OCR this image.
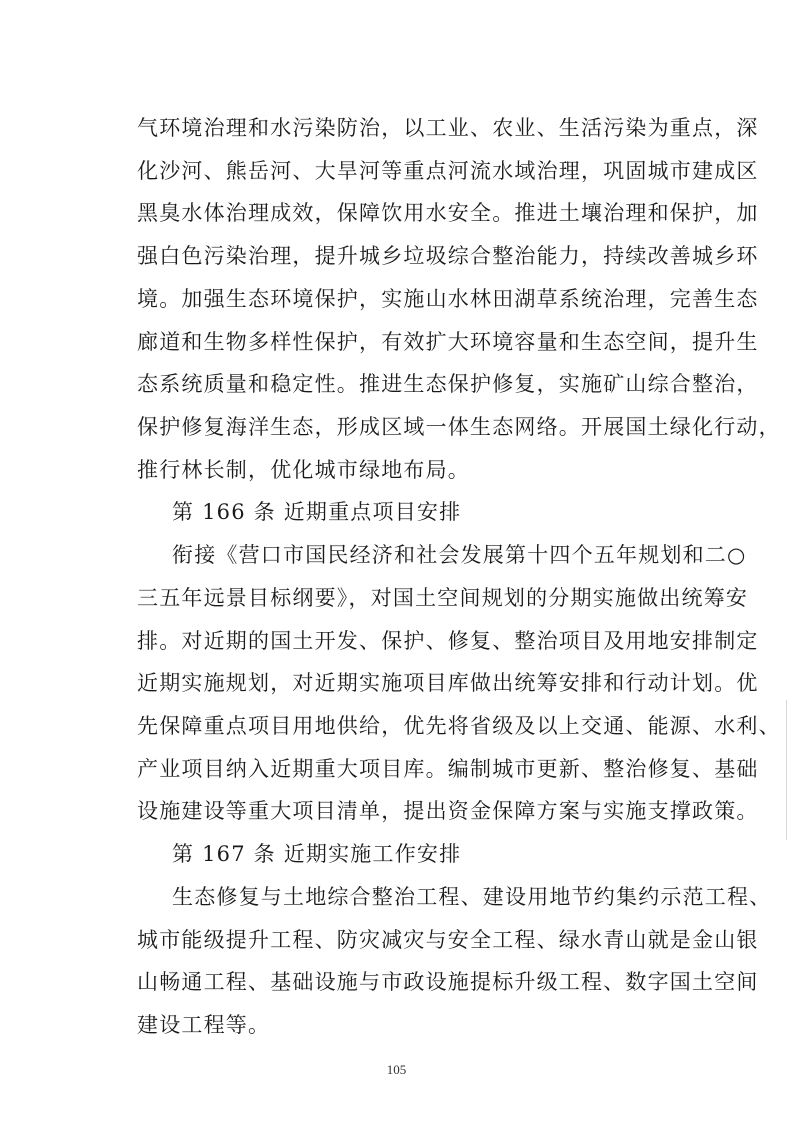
气环境治理和水污染防治，以工业、农业、生活污染为重点，深
化沙河、熊岳河、大旱河等重点河流水域治理，巩固城市建成区
黑臭水体治理成效，保障饮用水安全。推进土壤治理和保护，加
强白色污染治理，提升城乡垃圾综合整治能力，持续改善城乡环
境。加强生态环境保护，实施山水林田湖草系统治理，完善生态
廊道和生物多样性保护，有效扩大环境容量和生态空间，提升生
态系统质量和稳定性。推进生态保护修复，实施矿山综合整治，
保护修复海洋生态，形成区域一体生态网络。开展国土绿化行动，
推行林长制，优化城市绿地布局。
第 166 条 近期重点项目安排
衔接《营口市国民经济和社会发展第十四个五年规划和二○
三五年远景目标纲要》，对国土空间规划的分期实施做出统筹安
排。对近期的国土开发、保护、修复、整治项目及用地安排制定
近期实施规划，对近期实施项目库做出统筹安排和行动计划。优
先保障重点项目用地供给，优先将省级及以上交通、能源、水利、
产业项目纳入近期重大项目库。编制城市更新、整治修复、基础
设施建设等重大项目清单，提出资金保障方案与实施支撑政策。
第 167 条 近期实施工作安排
生态修复与土地综合整治工程、建设用地节约集约示范工程、
城市能级提升工程、防灾减灾与安全工程、绿水青山就是金山银
山畅通工程、基础设施与市政设施提标升级工程、数字国土空间
建设工程等。
105
